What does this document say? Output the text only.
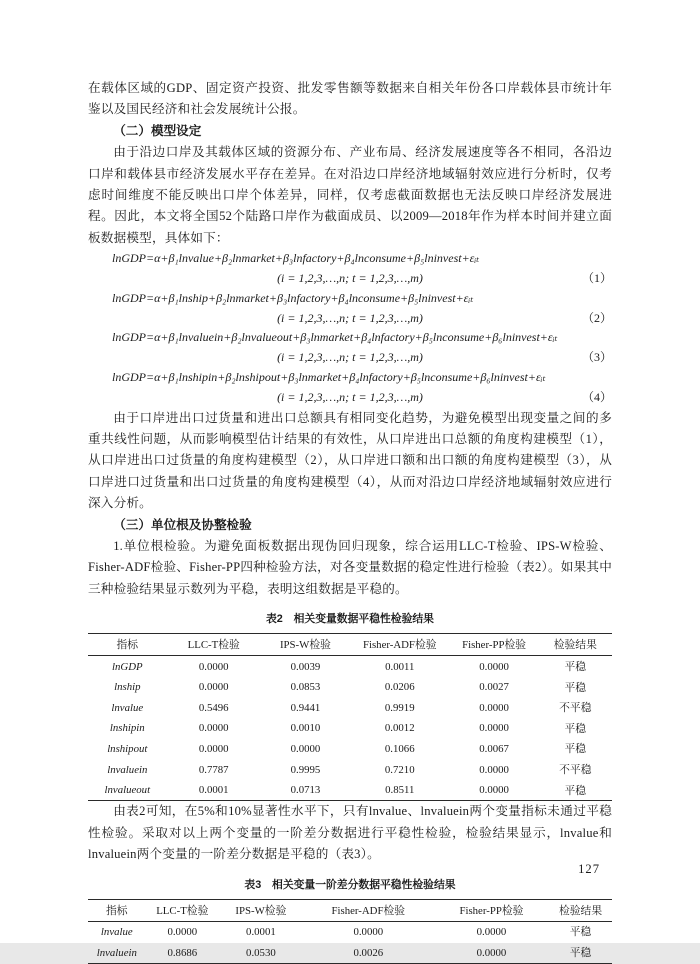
在载体区域的GDP、固定资产投资、批发零售额等数据来自相关年份各口岸载体县市统计年鉴以及国民经济和社会发展统计公报。

（二）模型设定

由于沿边口岸及其载体区域的资源分布、产业布局、经济发展速度等各不相同，各沿边口岸和载体县市经济发展水平存在差异。在对沿边口岸经济地域辐射效应进行分析时，仅考虑时间维度不能反映出口岸个体差异，同样，仅考虑截面数据也无法反映口岸经济发展进程。因此，本文将全国52个陆路口岸作为截面成员、以2009—2018年作为样本时间并建立面板数据模型，具体如下：

lnGDP=α+β₁lnvalue+β₂lnmarket+β₃lnfactory+β₄lnconsume+β₅lninvest+εᵢₜ
(i = 1,2,3,…,n; t = 1,2,3,…,m)	（1）
lnGDP=α+β₁lnship+β₂lnmarket+β₃lnfactory+β₄lnconsume+β₅lninvest+εᵢₜ
(i = 1,2,3,…,n; t = 1,2,3,…,m)	（2）
lnGDP=α+β₁lnvaluein+β₂lnvalueout+β₃lnmarket+β₄lnfactory+β₅lnconsume+β₆lninvest+εᵢₜ
(i = 1,2,3,…,n; t = 1,2,3,…,m)	（3）
lnGDP=α+β₁lnshipin+β₂lnshipout+β₃lnmarket+β₄lnfactory+β₅lnconsume+β₆lninvest+εᵢₜ
(i = 1,2,3,…,n; t = 1,2,3,…,m)	（4）

由于口岸进出口过货量和进出口总额具有相同变化趋势，为避免模型出现变量之间的多重共线性问题，从而影响模型估计结果的有效性，从口岸进出口总额的角度构建模型（1），从口岸进出口过货量的角度构建模型（2），从口岸进口额和出口额的角度构建模型（3），从口岸进口过货量和出口过货量的角度构建模型（4），从而对沿边口岸经济地域辐射效应进行深入分析。

（三）单位根及协整检验

1.单位根检验。为避免面板数据出现伪回归现象，综合运用LLC-T检验、IPS-W检验、Fisher-ADF检验、Fisher-PP四种检验方法，对各变量数据的稳定性进行检验（表2）。如果其中三种检验结果显示数列为平稳，表明这组数据是平稳的。

表2　相关变量数据平稳性检验结果
指标	LLC-T检验	IPS-W检验	Fisher-ADF检验	Fisher-PP检验	检验结果
lnGDP	0.0000	0.0039	0.0011	0.0000	平稳
lnship	0.0000	0.0853	0.0206	0.0027	平稳
lnvalue	0.5496	0.9441	0.9919	0.0000	不平稳
lnshipin	0.0000	0.0010	0.0012	0.0000	平稳
lnshipout	0.0000	0.0000	0.1066	0.0067	平稳
lnvaluein	0.7787	0.9995	0.7210	0.0000	不平稳
lnvalueout	0.0001	0.0713	0.8511	0.0000	平稳

由表2可知，在5%和10%显著性水平下，只有lnvalue、lnvaluein两个变量指标未通过平稳性检验。采取对以上两个变量的一阶差分数据进行平稳性检验，检验结果显示，lnvalue和lnvaluein两个变量的一阶差分数据是平稳的（表3）。

表3　相关变量一阶差分数据平稳性检验结果
指标	LLC-T检验	IPS-W检验	Fisher-ADF检验	Fisher-PP检验	检验结果
lnvalue	0.0000	0.0001	0.0000	0.0000	平稳
lnvaluein	0.8686	0.0530	0.0026	0.0000	平稳
127
